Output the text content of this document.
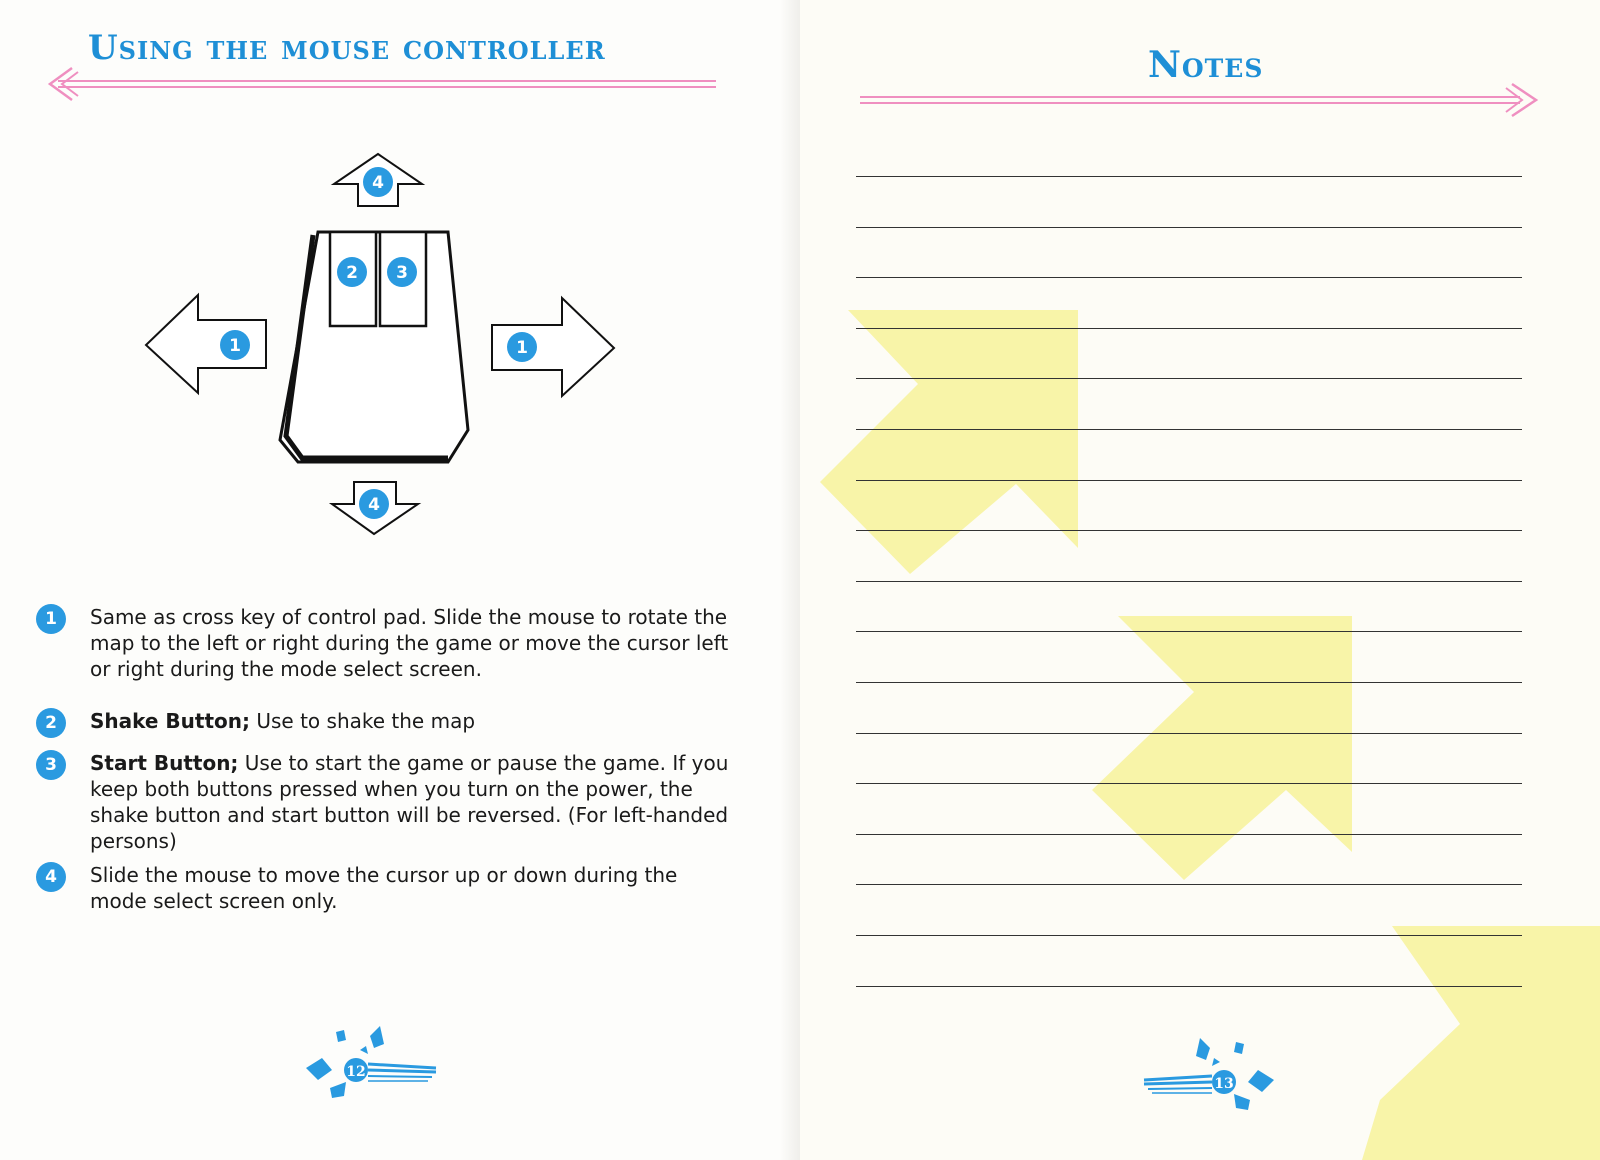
Using the mouse controller
1	1
4
4
2 3
1	Same as cross key of control pad. Slide the mouse to rotate the map to the left or right during the game or move the cursor left or right during the mode select screen.

2	Shake Button; Use to shake the map

3	Start Button; Use to start the game or pause the game. If you keep both buttons pressed when you turn on the power, the shake button and start button will be reversed. (For left-handed persons)

4	Slide the mouse to move the cursor up or down during the mode select screen only.

12
Notes
13
